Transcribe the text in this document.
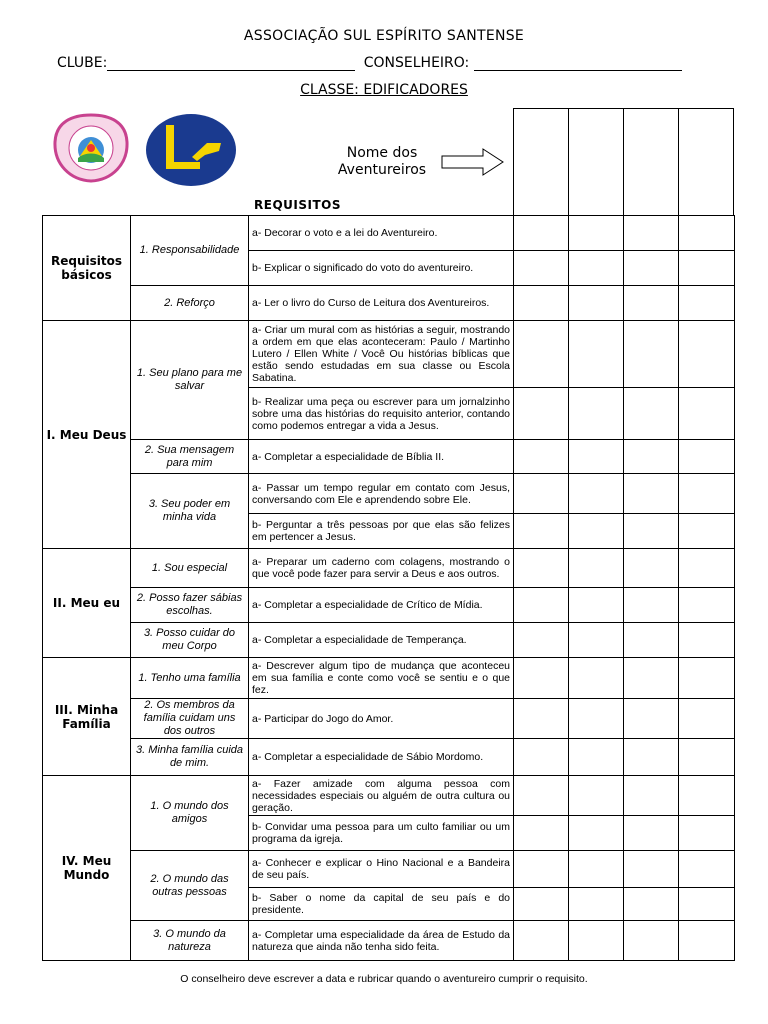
ASSOCIAÇÃO SUL ESPÍRITO SANTENSE
CLUBE:	CONSELHEIRO:
CLASSE: EDIFICADORES
Nome dos
Aventureiros
REQUISITOS
Requisitos básicos	1. Responsabilidade	a- Decorar o voto e a lei do Aventureiro.				
		b- Explicar o significado do voto do aventureiro.				
	2. Reforço	a- Ler o livro do Curso de Leitura dos Aventureiros.				
I. Meu Deus	1. Seu plano para me salvar	a- Criar um mural com as histórias a seguir, mostrando a ordem em que elas aconteceram: Paulo / Martinho Lutero / Ellen White / Você Ou histórias bíblicas que estão sendo estudadas em sua classe ou Escola Sabatina.				
		b- Realizar uma peça ou escrever para um jornalzinho sobre uma das histórias do requisito anterior, contando como podemos entregar a vida a Jesus.				
	2. Sua mensagem para mim	a- Completar a especialidade de Bíblia II.				
	3. Seu poder em minha vida	a- Passar um tempo regular em contato com Jesus, conversando com Ele e aprendendo sobre Ele.				
		b- Perguntar a três pessoas por que elas são felizes em pertencer a Jesus.				
II. Meu eu	1. Sou especial	a- Preparar um caderno com colagens, mostrando o que você pode fazer para servir a Deus e aos outros.				
	2. Posso fazer sábias escolhas.	a- Completar a especialidade de Crítico de Mídia.				
	3. Posso cuidar do meu Corpo	a- Completar a especialidade de Temperança.				
III. Minha Família	1. Tenho uma família	a- Descrever algum tipo de mudança que aconteceu em sua família e conte como você se sentiu e o que fez.				
	2. Os membros da família cuidam uns dos outros	a- Participar do Jogo do Amor.				
	3. Minha família cuida de mim.	a- Completar a especialidade de Sábio Mordomo.				
IV. Meu Mundo	1. O mundo dos amigos	a- Fazer amizade com alguma pessoa com necessidades especiais ou alguém de outra cultura ou geração.				
		b- Convidar uma pessoa para um culto familiar ou um programa da igreja.				
	2. O mundo das outras pessoas	a- Conhecer e explicar o Hino Nacional e a Bandeira de seu país.				
		b- Saber o nome da capital de seu país e do presidente.				
	3. O mundo da natureza	a- Completar uma especialidade da área de Estudo da natureza que ainda não tenha sido feita.				
O conselheiro deve escrever a data e rubricar quando o aventureiro cumprir o requisito.
